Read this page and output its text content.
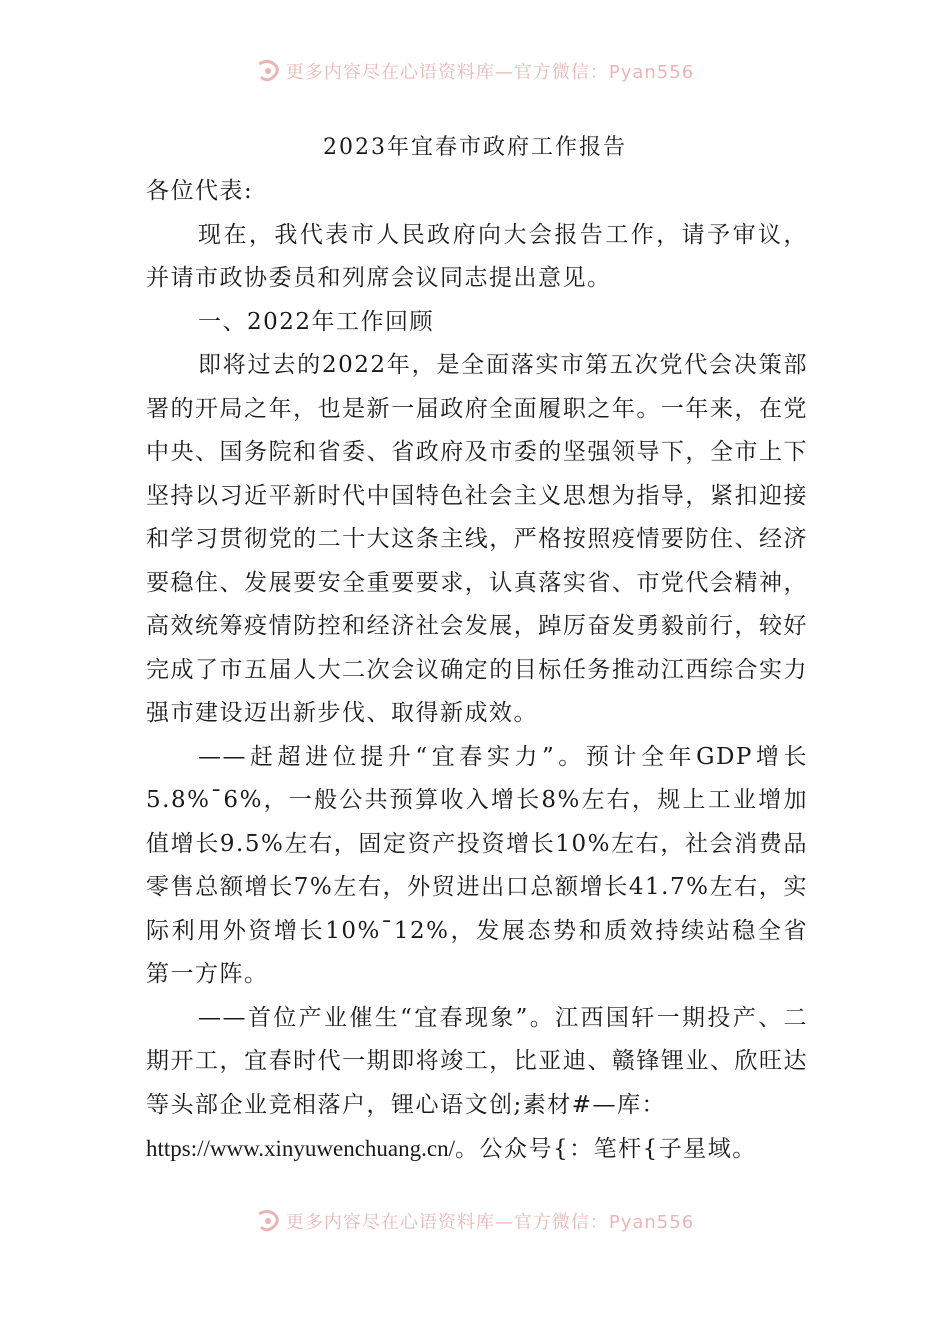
更多内容尽在心语资料库—官方微信：Pyan556
2023年宜春市政府工作报告

各位代表:

现在，我代表市人民政府向大会报告工作，请予审议，并请市政协委员和列席会议同志提出意见。

一、2022年工作回顾

即将过去的2022年，是全面落实市第五次党代会决策部署的开局之年，也是新一届政府全面履职之年。一年来，在党中央、国务院和省委、省政府及市委的坚强领导下，全市上下坚持以习近平新时代中国特色社会主义思想为指导，紧扣迎接和学习贯彻党的二十大这条主线，严格按照疫情要防住、经济要稳住、发展要安全重要要求，认真落实省、市党代会精神，高效统筹疫情防控和经济社会发展，踔厉奋发勇毅前行，较好完成了市五届人大二次会议确定的目标任务推动江西综合实力强市建设迈出新步伐、取得新成效。

——赶超进位提升“宜春实力”。预计全年GDP增长5.8%¯6%，一般公共预算收入增长8%左右，规上工业增加值增长9.5%左右，固定资产投资增长10%左右，社会消费品零售总额增长7%左右，外贸进出口总额增长41.7%左右，实际利用外资增长10%¯12%，发展态势和质效持续站稳全省第一方阵。

——首位产业催生“宜春现象”。江西国轩一期投产、二期开工，宜春时代一期即将竣工，比亚迪、赣锋锂业、欣旺达等头部企业竞相落户，锂心语文创;素材#—库：

https://www.xinyuwenchuang.cn/。公众号{：笔杆{子星域。

更多内容尽在心语资料库—官方微信：Pyan556
